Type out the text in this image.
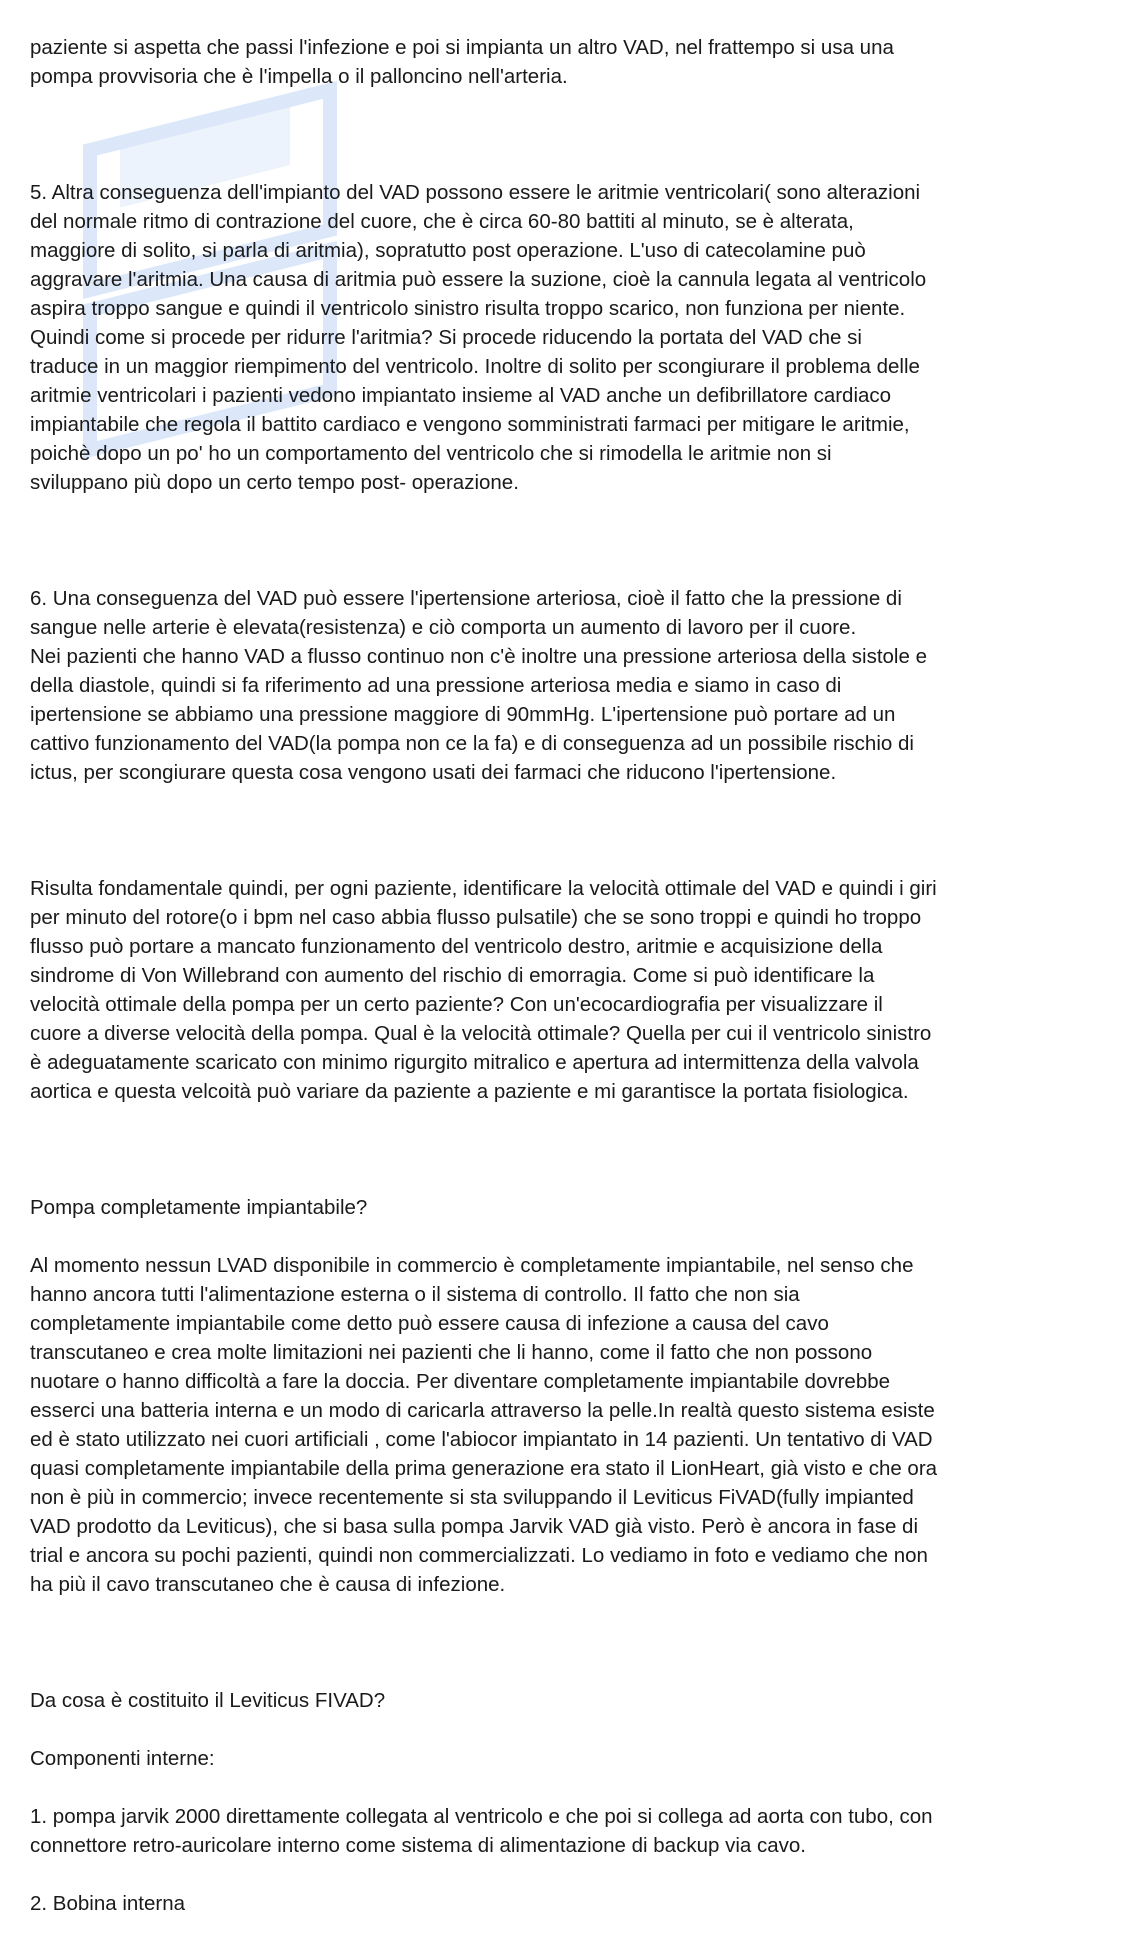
paziente si aspetta che passi l'infezione e poi si impianta un altro VAD, nel frattempo si usa una
pompa provvisoria che è l'impella o il palloncino nell'arteria.

5. Altra conseguenza dell'impianto del VAD possono essere le aritmie ventricolari( sono alterazioni
del normale ritmo di contrazione del cuore, che è circa 60-80 battiti al minuto, se è alterata,
maggiore di solito, si parla di aritmia), sopratutto post operazione. L'uso di catecolamine può
aggravare l'aritmia. Una causa di aritmia può essere la suzione, cioè la cannula legata al ventricolo
aspira troppo sangue e quindi il ventricolo sinistro risulta troppo scarico, non funziona per niente.
Quindi come si procede per ridurre l'aritmia? Si procede riducendo la portata del VAD che si
traduce in un maggior riempimento del ventricolo. Inoltre di solito per scongiurare il problema delle
aritmie ventricolari i pazienti vedono impiantato insieme al VAD anche un defibrillatore cardiaco
impiantabile che regola il battito cardiaco e vengono somministrati farmaci per mitigare le aritmie,
poichè dopo un po' ho un comportamento del ventricolo che si rimodella le aritmie non si
sviluppano più dopo un certo tempo post- operazione.

6. Una conseguenza del VAD può essere l'ipertensione arteriosa, cioè il fatto che la pressione di
sangue nelle arterie è elevata(resistenza) e ciò comporta un aumento di lavoro per il cuore.
Nei pazienti che hanno VAD a flusso continuo non c'è inoltre una pressione arteriosa della sistole e
della diastole, quindi si fa riferimento ad una pressione arteriosa media e siamo in caso di
ipertensione se abbiamo una pressione maggiore di 90mmHg. L'ipertensione può portare ad un
cattivo funzionamento del VAD(la pompa non ce la fa) e di conseguenza ad un possibile rischio di
ictus, per scongiurare questa cosa vengono usati dei farmaci che riducono l'ipertensione.

Risulta fondamentale quindi, per ogni paziente, identificare la velocità ottimale del VAD e quindi i giri
per minuto del rotore(o i bpm nel caso abbia flusso pulsatile) che se sono troppi e quindi ho troppo
flusso può portare a mancato funzionamento del ventricolo destro, aritmie e acquisizione della
sindrome di Von Willebrand con aumento del rischio di emorragia. Come si può identificare la
velocità ottimale della pompa per un certo paziente? Con un'ecocardiografia per visualizzare il
cuore a diverse velocità della pompa. Qual è la velocità ottimale? Quella per cui il ventricolo sinistro
è adeguatamente scaricato con minimo rigurgito mitralico e apertura ad intermittenza della valvola
aortica e questa velcoità può variare da paziente a paziente e mi garantisce la portata fisiologica.

Pompa completamente impiantabile?

Al momento nessun LVAD disponibile in commercio è completamente impiantabile, nel senso che
hanno ancora tutti l'alimentazione esterna o il sistema di controllo. Il fatto che non sia
completamente impiantabile come detto può essere causa di infezione a causa del cavo
transcutaneo e crea molte limitazioni nei pazienti che li hanno, come il fatto che non possono
nuotare o hanno difficoltà a fare la doccia. Per diventare completamente impiantabile dovrebbe
esserci una batteria interna e un modo di caricarla attraverso la pelle.In realtà questo sistema esiste
ed è stato utilizzato nei cuori artificiali , come l'abiocor impiantato in 14 pazienti. Un tentativo di VAD
quasi completamente impiantabile della prima generazione era stato il LionHeart, già visto e che ora
non è più in commercio; invece recentemente si sta sviluppando il Leviticus FiVAD(fully impianted
VAD prodotto da Leviticus), che si basa sulla pompa Jarvik VAD già visto. Però è ancora in fase di
trial e ancora su pochi pazienti, quindi non commercializzati. Lo vediamo in foto e vediamo che non
ha più il cavo transcutaneo che è causa di infezione.

Da cosa è costituito il Leviticus FIVAD?

Componenti interne:

1. pompa jarvik 2000 direttamente collegata al ventricolo e che poi si collega ad aorta con tubo, con
connettore retro-auricolare interno come sistema di alimentazione di backup via cavo.

2. Bobina interna
